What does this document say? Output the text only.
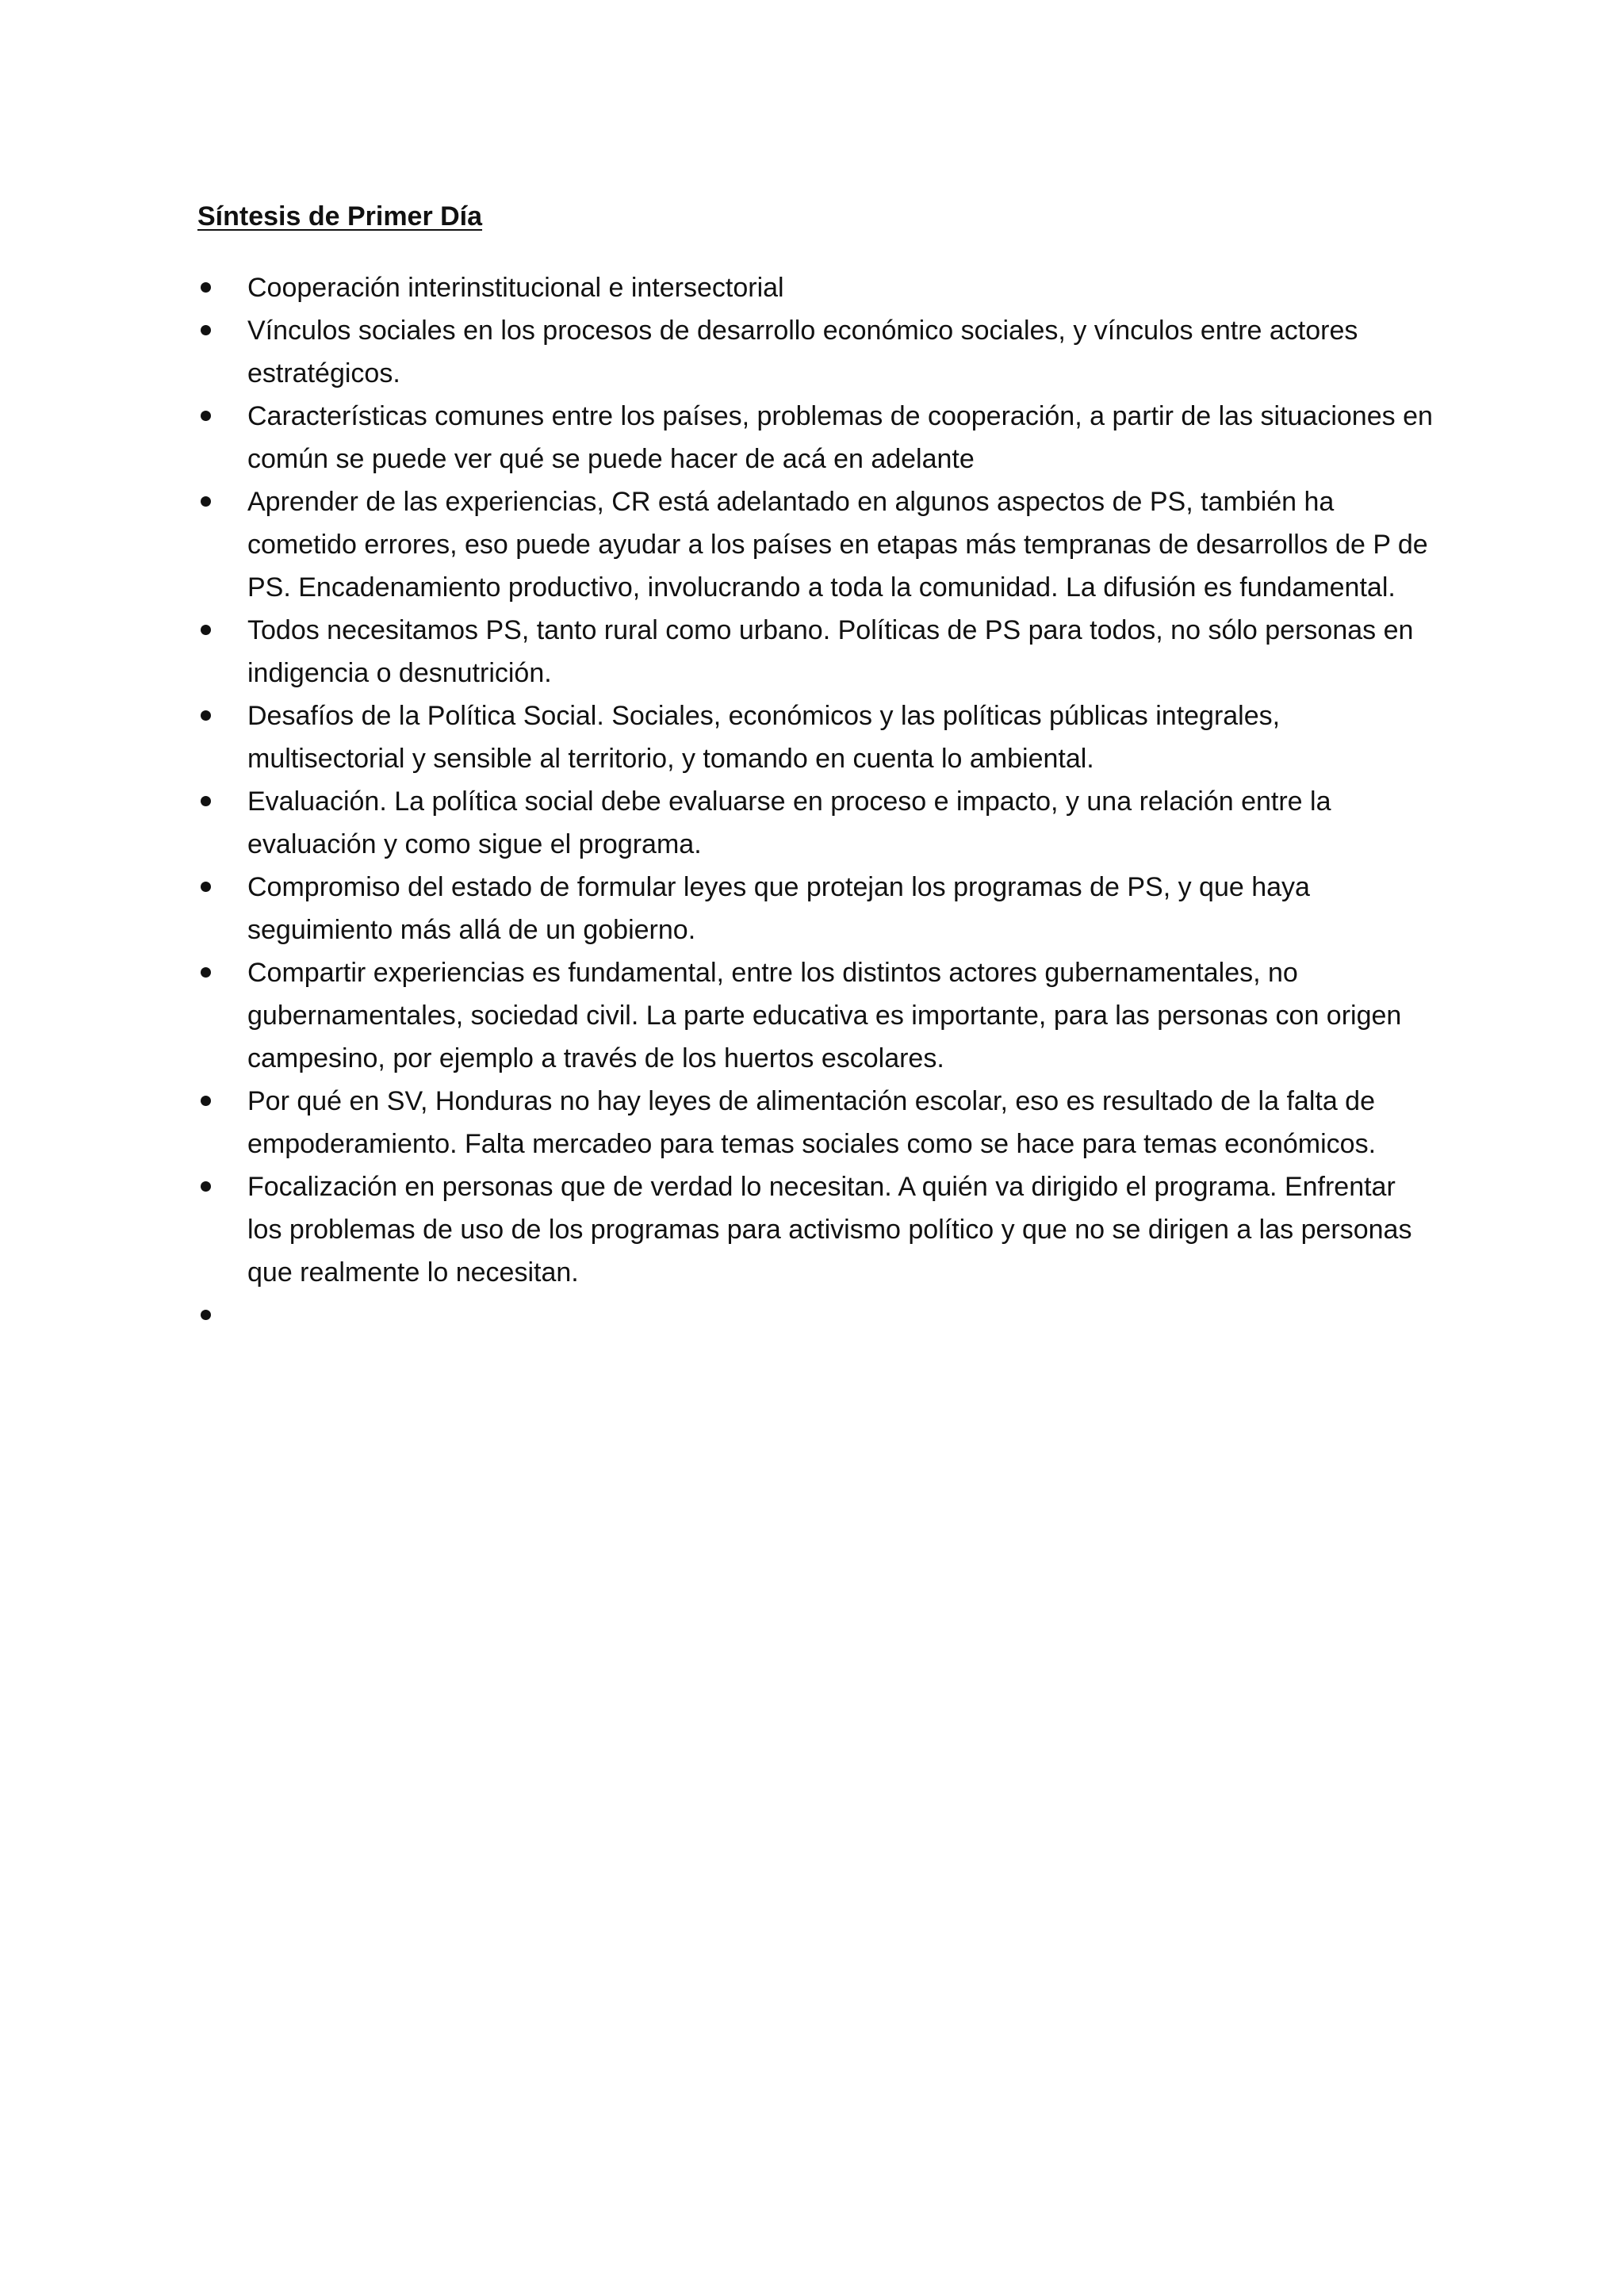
Síntesis de Primer Día
Cooperación interinstitucional e intersectorial
Vínculos sociales en los procesos de desarrollo económico sociales, y vínculos entre actores estratégicos.
Características comunes entre los países, problemas de cooperación, a partir de las situaciones en común se puede ver qué se puede hacer de acá en adelante
Aprender de las experiencias, CR está adelantado en algunos aspectos de PS, también ha cometido errores, eso puede ayudar a los países en etapas más tempranas de desarrollos de P de PS. Encadenamiento productivo, involucrando a toda la comunidad. La difusión es fundamental.
Todos necesitamos PS, tanto rural como urbano. Políticas de PS para todos, no sólo personas en indigencia o desnutrición.
Desafíos de la Política Social. Sociales, económicos y las políticas públicas integrales, multisectorial y sensible al territorio, y tomando en cuenta lo ambiental.
Evaluación. La política social debe evaluarse en proceso e impacto, y una relación entre la evaluación y como sigue el programa.
Compromiso del estado de formular leyes que protejan los programas de PS, y que haya seguimiento más allá de un gobierno.
Compartir experiencias es fundamental, entre los distintos actores gubernamentales, no gubernamentales, sociedad civil. La parte educativa es importante, para las personas con origen campesino, por ejemplo a través de los huertos escolares.
Por qué en SV, Honduras no hay leyes de alimentación escolar, eso es resultado de la falta de empoderamiento. Falta mercadeo para temas sociales como se hace para temas económicos.
Focalización en personas que de verdad lo necesitan. A quién va dirigido el programa. Enfrentar los problemas de uso de los programas para activismo político y que no se dirigen a las personas que realmente lo necesitan.
